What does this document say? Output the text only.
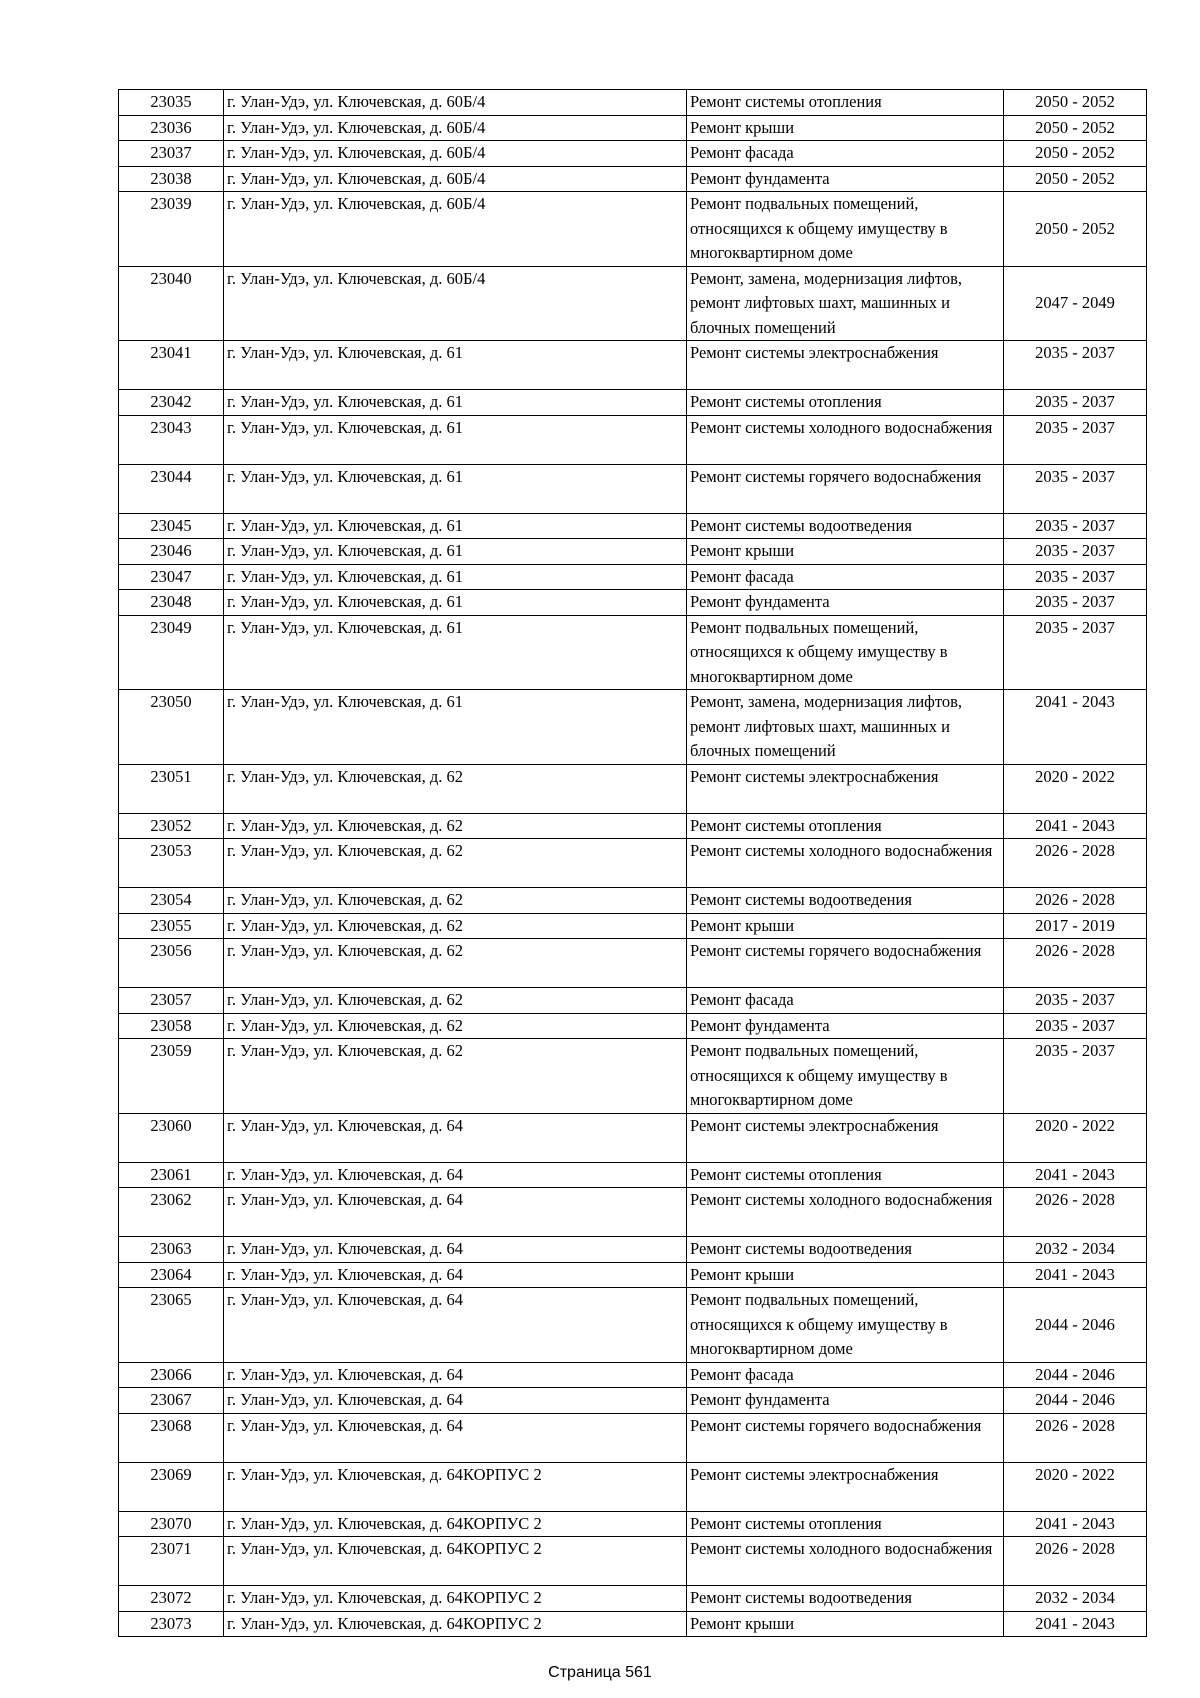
23035	г. Улан-Удэ, ул. Ключевская, д. 60Б/4	Ремонт системы отопления	2050 - 2052
23036	г. Улан-Удэ, ул. Ключевская, д. 60Б/4	Ремонт крыши	2050 - 2052
23037	г. Улан-Удэ, ул. Ключевская, д. 60Б/4	Ремонт фасада	2050 - 2052
23038	г. Улан-Удэ, ул. Ключевская, д. 60Б/4	Ремонт фундамента	2050 - 2052
23039	г. Улан-Удэ, ул. Ключевская, д. 60Б/4	Ремонт подвальных помещений, относящихся к общему имуществу в многоквартирном доме	2050 - 2052
23040	г. Улан-Удэ, ул. Ключевская, д. 60Б/4	Ремонт, замена, модернизация лифтов, ремонт лифтовых шахт, машинных и блочных помещений	2047 - 2049
23041	г. Улан-Удэ, ул. Ключевская, д. 61	Ремонт системы электроснабжения	2035 - 2037
23042	г. Улан-Удэ, ул. Ключевская, д. 61	Ремонт системы отопления	2035 - 2037
23043	г. Улан-Удэ, ул. Ключевская, д. 61	Ремонт системы холодного водоснабжения	2035 - 2037
23044	г. Улан-Удэ, ул. Ключевская, д. 61	Ремонт системы горячего водоснабжения	2035 - 2037
23045	г. Улан-Удэ, ул. Ключевская, д. 61	Ремонт системы водоотведения	2035 - 2037
23046	г. Улан-Удэ, ул. Ключевская, д. 61	Ремонт крыши	2035 - 2037
23047	г. Улан-Удэ, ул. Ключевская, д. 61	Ремонт фасада	2035 - 2037
23048	г. Улан-Удэ, ул. Ключевская, д. 61	Ремонт фундамента	2035 - 2037
23049	г. Улан-Удэ, ул. Ключевская, д. 61	Ремонт подвальных помещений, относящихся к общему имуществу в многоквартирном доме	2035 - 2037
23050	г. Улан-Удэ, ул. Ключевская, д. 61	Ремонт, замена, модернизация лифтов, ремонт лифтовых шахт, машинных и блочных помещений	2041 - 2043
23051	г. Улан-Удэ, ул. Ключевская, д. 62	Ремонт системы электроснабжения	2020 - 2022
23052	г. Улан-Удэ, ул. Ключевская, д. 62	Ремонт системы отопления	2041 - 2043
23053	г. Улан-Удэ, ул. Ключевская, д. 62	Ремонт системы холодного водоснабжения	2026 - 2028
23054	г. Улан-Удэ, ул. Ключевская, д. 62	Ремонт системы водоотведения	2026 - 2028
23055	г. Улан-Удэ, ул. Ключевская, д. 62	Ремонт крыши	2017 - 2019
23056	г. Улан-Удэ, ул. Ключевская, д. 62	Ремонт системы горячего водоснабжения	2026 - 2028
23057	г. Улан-Удэ, ул. Ключевская, д. 62	Ремонт фасада	2035 - 2037
23058	г. Улан-Удэ, ул. Ключевская, д. 62	Ремонт фундамента	2035 - 2037
23059	г. Улан-Удэ, ул. Ключевская, д. 62	Ремонт подвальных помещений, относящихся к общему имуществу в многоквартирном доме	2035 - 2037
23060	г. Улан-Удэ, ул. Ключевская, д. 64	Ремонт системы электроснабжения	2020 - 2022
23061	г. Улан-Удэ, ул. Ключевская, д. 64	Ремонт системы отопления	2041 - 2043
23062	г. Улан-Удэ, ул. Ключевская, д. 64	Ремонт системы холодного водоснабжения	2026 - 2028
23063	г. Улан-Удэ, ул. Ключевская, д. 64	Ремонт системы водоотведения	2032 - 2034
23064	г. Улан-Удэ, ул. Ключевская, д. 64	Ремонт крыши	2041 - 2043
23065	г. Улан-Удэ, ул. Ключевская, д. 64	Ремонт подвальных помещений, относящихся к общему имуществу в многоквартирном доме	2044 - 2046
23066	г. Улан-Удэ, ул. Ключевская, д. 64	Ремонт фасада	2044 - 2046
23067	г. Улан-Удэ, ул. Ключевская, д. 64	Ремонт фундамента	2044 - 2046
23068	г. Улан-Удэ, ул. Ключевская, д. 64	Ремонт системы горячего водоснабжения	2026 - 2028
23069	г. Улан-Удэ, ул. Ключевская, д. 64КОРПУС 2	Ремонт системы электроснабжения	2020 - 2022
23070	г. Улан-Удэ, ул. Ключевская, д. 64КОРПУС 2	Ремонт системы отопления	2041 - 2043
23071	г. Улан-Удэ, ул. Ключевская, д. 64КОРПУС 2	Ремонт системы холодного водоснабжения	2026 - 2028
23072	г. Улан-Удэ, ул. Ключевская, д. 64КОРПУС 2	Ремонт системы водоотведения	2032 - 2034
23073	г. Улан-Удэ, ул. Ключевская, д. 64КОРПУС 2	Ремонт крыши	2041 - 2043
Страница 561
